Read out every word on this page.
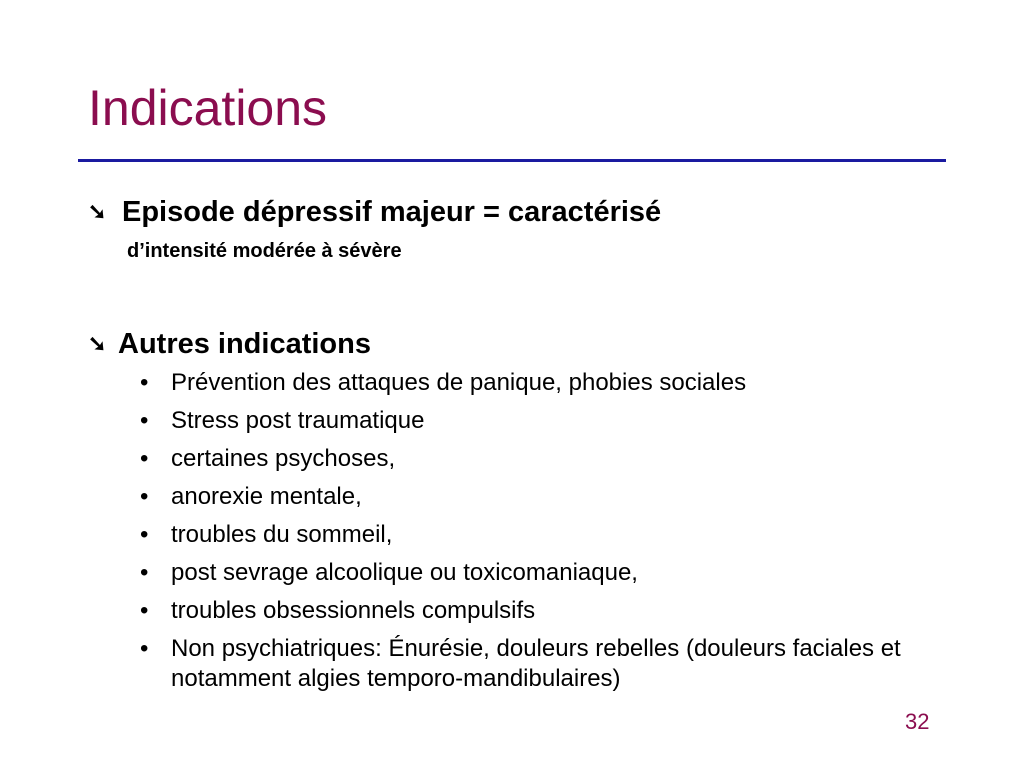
Indications
➘ Episode dépressif majeur = caractérisé
d’intensité modérée à sévère
➘ Autres indications
• Prévention des attaques de panique, phobies sociales
• Stress post traumatique
• certaines psychoses,
• anorexie mentale,
• troubles du sommeil,
• post sevrage alcoolique ou toxicomaniaque,
• troubles obsessionnels compulsifs
• Non psychiatriques: Énurésie, douleurs rebelles (douleurs faciales et notamment algies temporo-mandibulaires)
32
